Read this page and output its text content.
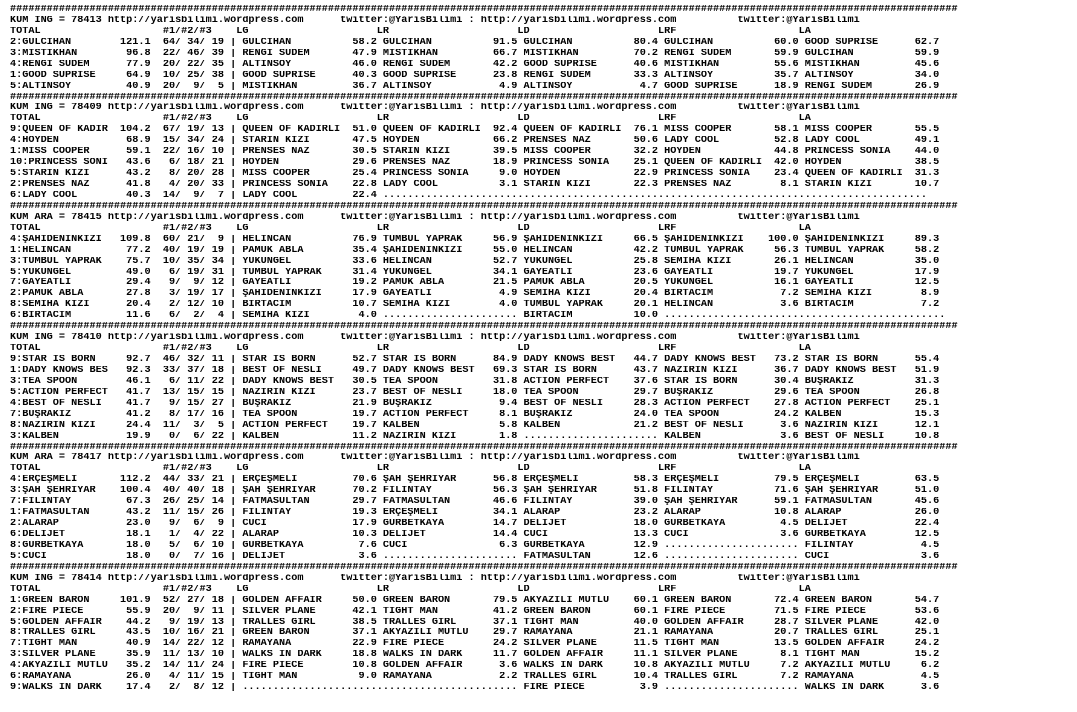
###########################################################################################################################################################
KUM ING = 78413 http://yarisbilimi.wordpress.com      twitter:@YarisBilimi : http://yarisbilimi.wordpress.com          twitter:@YarisBilimi
TOTAL                    #1/#2/#3    LG                     LR                     LD                     LRF                    LA
2:GÜLCİHAN        121.1  64/ 34/ 19 | GÜLCİHAN          58.2 GÜLCİHAN          91.5 GÜLCİHAN          80.4 GÜLCİHAN          60.0 GOOD SUPRISE      62.7
3:MISTIKHAN        96.8  22/ 46/ 39 | RENGİ SUDEM       47.9 MISTIKHAN         66.7 MISTIKHAN         70.2 RENGİ SUDEM       59.9 GÜLCİHAN          59.9
4:RENGİ SUDEM      77.9  20/ 22/ 35 | ALTINSOY          46.0 RENGİ SUDEM       42.2 GOOD SUPRISE      40.6 MISTIKHAN         55.6 MISTIKHAN         45.6
1:GOOD SUPRISE     64.9  10/ 25/ 38 | GOOD SUPRISE      40.3 GOOD SUPRISE      23.8 RENGİ SUDEM       33.3 ALTINSOY          35.7 ALTINSOY          34.0
5:ALTINSOY         40.9  20/  9/  5 | MISTIKHAN         36.7 ALTINSOY           4.9 ALTINSOY           4.7 GOOD SUPRISE      18.9 RENGİ SUDEM       26.9
###########################################################################################################################################################
KUM ING = 78409 http://yarisbilimi.wordpress.com      twitter:@YarisBilimi : http://yarisbilimi.wordpress.com          twitter:@YarisBilimi
TOTAL                    #1/#2/#3    LG                     LR                     LD                     LRF                    LA
9:QUEEN OF KADİR  104.2  67/ 19/ 13 | QUEEN OF KADİRLİ  51.0 QUEEN OF KADİRLİ  92.4 QUEEN OF KADİRLİ  76.1 MISS COOPER       58.1 MISS COOPER       55.5
4:HOYDEN           68.9  15/ 34/ 24 | STARIN KIZI       47.5 HOYDEN            66.2 PRENSES NAZ       50.6 LADY COOL         52.8 LADY COOL         49.1
1:MISS COOPER      59.1  22/ 16/ 10 | PRENSES NAZ       30.5 STARIN KIZI       39.5 MISS COOPER       32.2 HOYDEN            44.8 PRINCESS SONIA    44.0
10:PRINCESS SONI   43.6   6/ 18/ 21 | HOYDEN            29.6 PRENSES NAZ       18.9 PRINCESS SONIA    25.1 QUEEN OF KADİRLİ  42.0 HOYDEN            38.5
5:STARIN KIZI      43.2   8/ 20/ 28 | MISS COOPER       25.4 PRINCESS SONIA     9.0 HOYDEN            22.9 PRINCESS SONIA    23.4 QUEEN OF KADİRLİ  31.3
2:PRENSES NAZ      41.8   4/ 20/ 33 | PRINCESS SONIA    22.8 LADY COOL          3.1 STARIN KIZI       22.3 PRENSES NAZ        8.1 STARIN KIZI       10.7
6:LADY COOL        40.3  14/  9/  7 | LADY COOL         22.4 .........................................................................................
###########################################################################################################################################################
KUM ARA = 78415 http://yarisbilimi.wordpress.com      twitter:@YarisBilimi : http://yarisbilimi.wordpress.com          twitter:@YarisBilimi
TOTAL                    #1/#2/#3    LG                     LR                     LD                     LRF                    LA
4:ŞAHİDENİNKIZI   109.8  60/ 21/  9 | HELİNCAN          76.9 TUMBUL YAPRAK     56.9 ŞAHİDENİNKIZI     66.5 ŞAHİDENİNKIZI    100.0 ŞAHİDENİNKIZI     89.3
1:HELİNCAN         77.2  40/ 19/ 19 | PAMUK ABLA        35.4 ŞAHİDENİNKIZI     55.0 HELİNCAN          42.2 TUMBUL YAPRAK     56.3 TUMBUL YAPRAK     58.2
3:TUMBUL YAPRAK    75.7  10/ 35/ 34 | YÜKÜNGEL          33.6 HELİNCAN          52.7 YÜKÜNGEL          25.8 SEMİHA KIZI       26.1 HELİNCAN          35.0
5:YÜKÜNGEL         49.0   6/ 19/ 31 | TUMBUL YAPRAK     31.4 YÜKÜNGEL          34.1 GAYEATLI          23.6 GAYEATLI          19.7 YÜKÜNGEL          17.9
7:GAYEATLI         29.4   9/  9/ 12 | GAYEATLI          19.2 PAMUK ABLA        21.5 PAMUK ABLA        20.5 YÜKÜNGEL          16.1 GAYEATLI          12.5
2:PAMUK ABLA       27.8   3/ 19/ 17 | ŞAHİDENİNKIZI     17.9 GAYEATLI           4.9 SEMİHA KIZI       20.4 BİRTACIM           7.2 SEMİHA KIZI        8.9
8:SEMİHA KIZI      20.4   2/ 12/ 10 | BİRTACIM          10.7 SEMİHA KIZI        4.0 TUMBUL YAPRAK     20.1 HELİNCAN           3.6 BİRTACIM           7.2
6:BİRTACIM         11.6   6/  2/  4 | SEMİHA KIZI        4.0 ...................... BİRTACIM          10.0 ..............................................
###########################################################################################################################################################
KUM ING = 78410 http://yarisbilimi.wordpress.com      twitter:@YarisBilimi : http://yarisbilimi.wordpress.com          twitter:@YarisBilimi
TOTAL                    #1/#2/#3    LG                     LR                     LD                     LRF                    LA
9:STAR IS BORN     92.7  46/ 32/ 11 | STAR IS BORN      52.7 STAR IS BORN      84.9 DADY KNOWS BEST   44.7 DADY KNOWS BEST   73.2 STAR IS BORN      55.4
1:DADY KNOWS BES   92.3  33/ 37/ 18 | BEST OF NESLİ     49.7 DADY KNOWS BEST   69.3 STAR IS BORN      43.7 NAZIRIN KIZI      36.7 DADY KNOWS BEST   51.9
3:TEA SPOON        46.1   6/ 11/ 22 | DADY KNOWS BEST   30.5 TEA SPOON         31.8 ACTION PERFECT    37.6 STAR IS BORN      30.4 BUŞRAKIZ          31.3
5:ACTION PERFECT   41.7  13/ 15/ 15 | NAZIRIN KIZI      23.7 BEST OF NESLİ     18.0 TEA SPOON         29.7 BUŞRAKIZ          29.6 TEA SPOON         26.8
4:BEST OF NESLİ    41.7   9/ 15/ 27 | BUŞRAKIZ          21.9 BUŞRAKIZ           9.4 BEST OF NESLİ     28.3 ACTION PERFECT    27.8 ACTION PERFECT    25.1
7:BUŞRAKIZ         41.2   8/ 17/ 16 | TEA SPOON         19.7 ACTION PERFECT     8.1 BUŞRAKIZ          24.0 TEA SPOON         24.2 KALBEN            15.3
8:NAZIRIN KIZI     24.4  11/  3/  5 | ACTION PERFECT    19.7 KALBEN             5.8 KALBEN            21.2 BEST OF NESLİ      3.6 NAZIRIN KIZI      12.1
3:KALBEN           19.9   0/  6/ 22 | KALBEN            11.2 NAZIRIN KIZI       1.8 ...................... KALBEN             3.6 BEST OF NESLİ     10.8
###########################################################################################################################################################
KUM ARA = 78417 http://yarisbilimi.wordpress.com      twitter:@YarisBilimi : http://yarisbilimi.wordpress.com          twitter:@YarisBilimi
TOTAL                    #1/#2/#3    LG                     LR                     LD                     LRF                    LA
4:ERÇEŞMELİ       112.2  44/ 33/ 21 | ERÇEŞMELİ         70.6 ŞAH ŞEHRİYAR      56.8 ERÇEŞMELİ         58.3 ERÇEŞMELİ         79.5 ERÇEŞMELİ         63.5
3:ŞAH ŞEHRİYAR    100.4  40/ 40/ 18 | ŞAH ŞEHRİYAR      70.2 FİLİNTAY          56.3 ŞAH ŞEHRİYAR      51.8 FİLİNTAY          71.6 ŞAH ŞEHRİYAR      51.0
7:FİLİNTAY         67.3  26/ 25/ 14 | FATMASULTAN       29.7 FATMASULTAN       46.6 FİLİNTAY          39.0 ŞAH ŞEHRİYAR      59.1 FATMASULTAN       45.6
1:FATMASULTAN      43.2  11/ 15/ 26 | FİLİNTAY          19.3 ERÇEŞMELİ         34.1 ALARAP            23.2 ALARAP            10.8 ALARAP            26.0
2:ALARAP           23.0   9/  6/  9 | CUCİ              17.9 GURBETKAYA        14.7 DELİJET           18.0 GURBETKAYA         4.5 DELİJET           22.4
6:DELİJET          18.1   1/  4/ 22 | ALARAP            10.3 DELİJET           14.4 CUCİ              13.3 CUCİ               3.6 GURBETKAYA        12.5
8:GURBETKAYA       18.0   5/  6/ 10 | GURBETKAYA         7.6 CUCİ               6.3 GURBETKAYA        12.9 ...................... FİLİNTAY           4.5
5:CUCİ             18.0   0/  7/ 16 | DELİJET            3.6 ...................... FATMASULTAN       12.6 ...................... CUCİ               3.6
###########################################################################################################################################################
KUM ING = 78414 http://yarisbilimi.wordpress.com      twitter:@YarisBilimi : http://yarisbilimi.wordpress.com          twitter:@YarisBilimi
TOTAL                    #1/#2/#3    LG                     LR                     LD                     LRF                    LA
1:GREEN BARON     101.9  52/ 27/ 18 | GOLDEN AFFAIR     50.0 GREEN BARON       79.5 AKYAZILI MUTLU    60.1 GREEN BARON       72.4 GREEN BARON       54.7
2:FIRE PIECE       55.9  20/  9/ 11 | SILVER PLANE      42.1 TIGHT MAN         41.2 GREEN BARON       60.1 FIRE PIECE        71.5 FIRE PIECE        53.6
5:GOLDEN AFFAIR    44.2   9/ 19/ 13 | TRALLES GIRL      38.5 TRALLES GIRL      37.1 TIGHT MAN         40.0 GOLDEN AFFAIR     28.7 SILVER PLANE      42.0
8:TRALLES GIRL     43.5  10/ 16/ 21 | GREEN BARON       37.1 AKYAZILI MUTLU    29.7 RAMAYANA          21.1 RAMAYANA          20.7 TRALLES GIRL      25.1
7:TIGHT MAN        40.9  14/ 22/ 12 | RAMAYANA          22.9 FIRE PIECE        24.2 SILVER PLANE      11.5 TIGHT MAN         13.5 GOLDEN AFFAIR     24.2
3:SILVER PLANE     35.9  11/ 13/ 10 | WALKS IN DARK     18.8 WALKS IN DARK     11.7 GOLDEN AFFAIR     11.1 SILVER PLANE       8.1 TIGHT MAN         15.2
4:AKYAZILI MUTLU   35.2  14/ 11/ 24 | FIRE PIECE        10.8 GOLDEN AFFAIR      3.6 WALKS IN DARK     10.8 AKYAZILI MUTLU     7.2 AKYAZILI MUTLU     6.2
6:RAMAYANA         26.0   4/ 11/ 15 | TIGHT MAN          9.0 RAMAYANA           2.2 TRALLES GIRL      10.4 TRALLES GIRL       7.2 RAMAYANA           4.5
9:WALKS IN DARK    17.4   2/  8/ 12 | ............................................. FIRE PIECE         3.9 ...................... WALKS IN DARK      3.6
